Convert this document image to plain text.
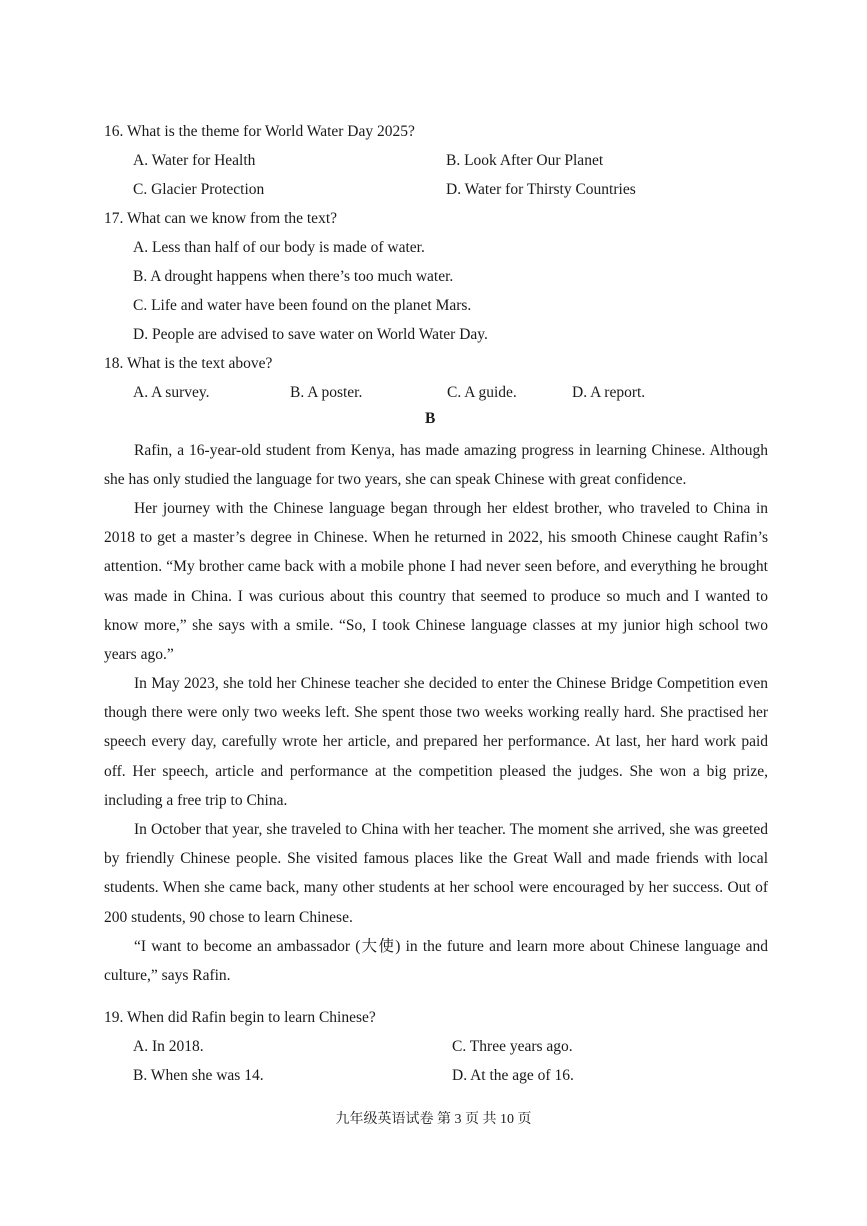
16. What is the theme for World Water Day 2025?
A. Water for Health	B. Look After Our Planet
C. Glacier Protection	D. Water for Thirsty Countries
17. What can we know from the text?
A. Less than half of our body is made of water.
B. A drought happens when there’s too much water.
C. Life and water have been found on the planet Mars.
D. People are advised to save water on World Water Day.
18. What is the text above?
A. A survey.	B. A poster.	C. A guide.	D. A report.
B

Rafin, a 16-year-old student from Kenya, has made amazing progress in learning Chinese. Although she has only studied the language for two years, she can speak Chinese with great confidence.

Her journey with the Chinese language began through her eldest brother, who traveled to China in 2018 to get a master’s degree in Chinese. When he returned in 2022, his smooth Chinese caught Rafin’s attention. “My brother came back with a mobile phone I had never seen before, and everything he brought was made in China. I was curious about this country that seemed to produce so much and I wanted to know more,” she says with a smile. “So, I took Chinese language classes at my junior high school two years ago.”

In May 2023, she told her Chinese teacher she decided to enter the Chinese Bridge Competition even though there were only two weeks left. She spent those two weeks working really hard. She practised her speech every day, carefully wrote her article, and prepared her performance. At last, her hard work paid off. Her speech, article and performance at the competition pleased the judges. She won a big prize, including a free trip to China.

In October that year, she traveled to China with her teacher. The moment she arrived, she was greeted by friendly Chinese people. She visited famous places like the Great Wall and made friends with local students. When she came back, many other students at her school were encouraged by her success. Out of 200 students, 90 chose to learn Chinese.

“I want to become an ambassador (大使) in the future and learn more about Chinese language and culture,” says Rafin.

19. When did Rafin begin to learn Chinese?
A. In 2018.	C. Three years ago.
B. When she was 14.	D. At the age of 16.
九年级英语试卷 第 3 页 共 10 页
